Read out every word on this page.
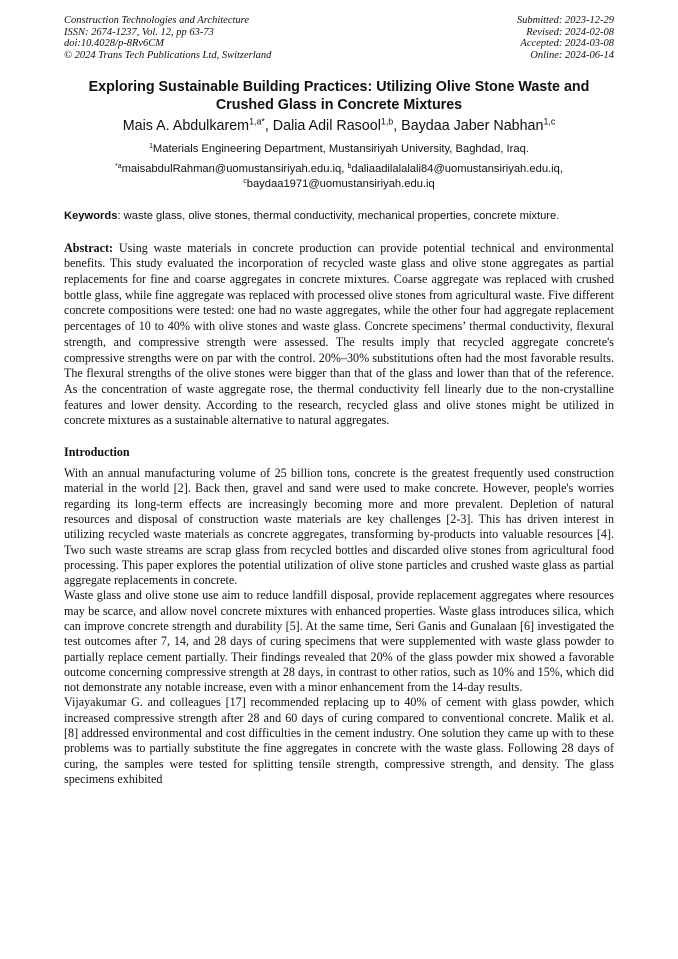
Construction Technologies and Architecture
ISSN: 2674-1237, Vol. 12, pp 63-73
doi:10.4028/p-8Rv6CM
© 2024 Trans Tech Publications Ltd, Switzerland
Submitted: 2023-12-29
Revised: 2024-02-08
Accepted: 2024-03-08
Online: 2024-06-14
Exploring Sustainable Building Practices: Utilizing Olive Stone Waste and Crushed Glass in Concrete Mixtures
Mais A. Abdulkarem$^{1,a*}$, Dalia Adil Rasool$^{1,b}$, Baydaa Jaber Nabhan$^{1,c}$
$^1$Materials Engineering Department, Mustansiriyah University, Baghdad, Iraq.
$^{*a}$maisabdulRahman@uomustansiriyah.edu.iq, $^b$daliaadilalalali84@uomustansiriyah.edu.iq,
$^c$baydaa1971@uomustansiriyah.edu.iq
Keywords: waste glass, olive stones, thermal conductivity, mechanical properties, concrete mixture.
Abstract: Using waste materials in concrete production can provide potential technical and environmental benefits. This study evaluated the incorporation of recycled waste glass and olive stone aggregates as partial replacements for fine and coarse aggregates in concrete mixtures. Coarse aggregate was replaced with crushed bottle glass, while fine aggregate was replaced with processed olive stones from agricultural waste. Five different concrete compositions were tested: one had no waste aggregates, while the other four had aggregate replacement percentages of 10 to 40% with olive stones and waste glass. Concrete specimens’ thermal conductivity, flexural strength, and compressive strength were assessed. The results imply that recycled aggregate concrete's compressive strengths were on par with the control. 20%–30% substitutions often had the most favorable results. The flexural strengths of the olive stones were bigger than that of the glass and lower than that of the reference. As the concentration of waste aggregate rose, the thermal conductivity fell linearly due to the non-crystalline features and lower density. According to the research, recycled glass and olive stones might be utilized in concrete mixtures as a sustainable alternative to natural aggregates.
Introduction
With an annual manufacturing volume of 25 billion tons, concrete is the greatest frequently used construction material in the world [2]. Back then, gravel and sand were used to make concrete. However, people's worries regarding its long-term effects are increasingly becoming more and more prevalent. Depletion of natural resources and disposal of construction waste materials are key challenges [2-3]. This has driven interest in utilizing recycled waste materials as concrete aggregates, transforming by-products into valuable resources [4]. Two such waste streams are scrap glass from recycled bottles and discarded olive stones from agricultural food processing. This paper explores the potential utilization of olive stone particles and crushed waste glass as partial aggregate replacements in concrete.
Waste glass and olive stone use aim to reduce landfill disposal, provide replacement aggregates where resources may be scarce, and allow novel concrete mixtures with enhanced properties. Waste glass introduces silica, which can improve concrete strength and durability [5]. At the same time, Seri Ganis and Gunalaan [6] investigated the test outcomes after 7, 14, and 28 days of curing specimens that were supplemented with waste glass powder to partially replace cement partially. Their findings revealed that 20% of the glass powder mix showed a favorable outcome concerning compressive strength at 28 days, in contrast to other ratios, such as 10% and 15%, which did not demonstrate any notable increase, even with a minor enhancement from the 14-day results.
Vijayakumar G. and colleagues [17] recommended replacing up to 40% of cement with glass powder, which increased compressive strength after 28 and 60 days of curing compared to conventional concrete. Malik et al. [8] addressed environmental and cost difficulties in the cement industry. One solution they came up with to these problems was to partially substitute the fine aggregates in concrete with the waste glass. Following 28 days of curing, the samples were tested for splitting tensile strength, compressive strength, and density. The glass specimens exhibited
